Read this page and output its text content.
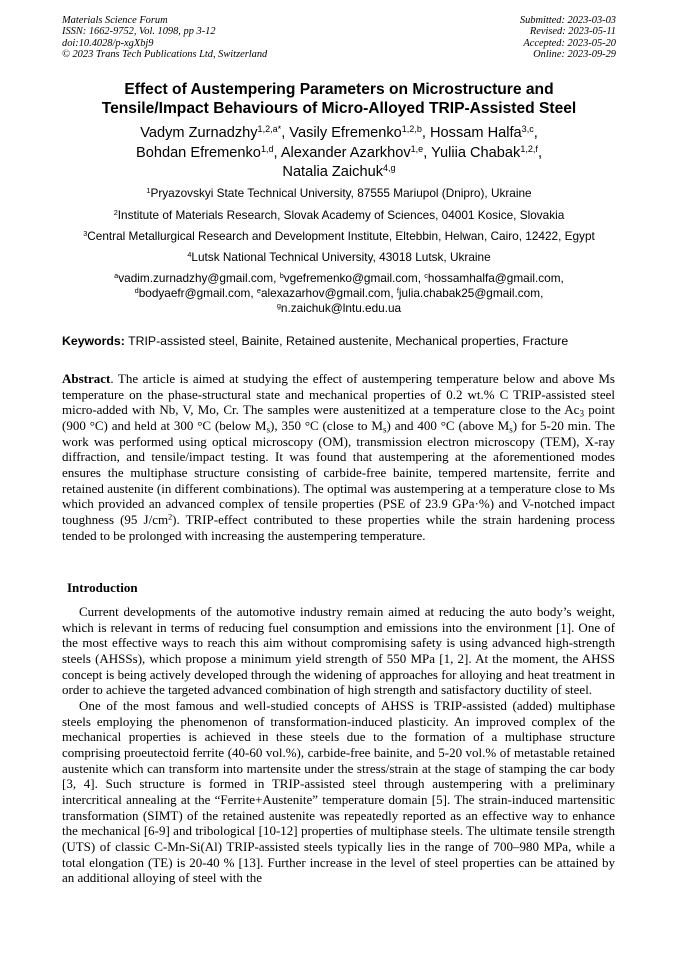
Materials Science Forum
ISSN: 1662-9752, Vol. 1098, pp 3-12
doi:10.4028/p-xgXbj9
© 2023 Trans Tech Publications Ltd, Switzerland
Submitted: 2023-03-03
Revised: 2023-05-11
Accepted: 2023-05-20
Online: 2023-09-29
Effect of Austempering Parameters on Microstructure and
Tensile/Impact Behaviours of Micro-Alloyed TRIP-Assisted Steel
Vadym Zurnadzhy$^{1,2,a*}$, Vasily Efremenko$^{1,2,b}$, Hossam Halfa$^{3,c}$,
Bohdan Efremenko$^{1,d}$, Alexander Azarkhov$^{1,e}$, Yuliia Chabak$^{1,2,f}$,
Natalia Zaichuk$^{4,g}$
$^1$Pryazovskyi State Technical University, 87555 Mariupol (Dnipro), Ukraine
$^2$Institute of Materials Research, Slovak Academy of Sciences, 04001 Kosice, Slovakia
$^3$Central Metallurgical Research and Development Institute, Eltebbin, Helwan, Cairo, 12422, Egypt
$^4$Lutsk National Technical University, 43018 Lutsk, Ukraine
$^a$vadim.zurnadzhy@gmail.com, $^b$vgefremenko@gmail.com, $^c$hossamhalfa@gmail.com,
$^d$bodyaefr@gmail.com, $^e$alexazarhov@gmail.com, $^f$julia.chabak25@gmail.com,
$^g$n.zaichuk@lntu.edu.ua
Keywords: TRIP-assisted steel, Bainite, Retained austenite, Mechanical properties, Fracture
Abstract. The article is aimed at studying the effect of austempering temperature below and above Ms temperature on the phase-structural state and mechanical properties of 0.2 wt.% C TRIP-assisted steel micro-added with Nb, V, Mo, Cr. The samples were austenitized at a temperature close to the $Ac_3$ point (900 °C) and held at 300 °C (below $M_s$), 350 °C (close to $M_s$) and 400 °C (above $M_s$) for 5-20 min. The work was performed using optical microscopy (OM), transmission electron microscopy (TEM), X-ray diffraction, and tensile/impact testing. It was found that austempering at the aforementioned modes ensures the multiphase structure consisting of carbide-free bainite, tempered martensite, ferrite and retained austenite (in different combinations). The optimal was austempering at a temperature close to Ms which provided an advanced complex of tensile properties (PSE of 23.9 GPa·%) and V-notched impact toughness (95 $J/cm^2$). TRIP-effect contributed to these properties while the strain hardening process tended to be prolonged with increasing the austempering temperature.
Introduction

Current developments of the automotive industry remain aimed at reducing the auto body’s weight, which is relevant in terms of reducing fuel consumption and emissions into the environment [1]. One of the most effective ways to reach this aim without compromising safety is using advanced high-strength steels (AHSSs), which propose a minimum yield strength of 550 MPa [1, 2]. At the moment, the AHSS concept is being actively developed through the widening of approaches for alloying and heat treatment in order to achieve the targeted advanced combination of high strength and satisfactory ductility of steel.

One of the most famous and well-studied concepts of AHSS is TRIP-assisted (added) multiphase steels employing the phenomenon of transformation-induced plasticity. An improved complex of the mechanical properties is achieved in these steels due to the formation of a multiphase structure comprising proeutectoid ferrite (40-60 vol.%), carbide-free bainite, and 5-20 vol.% of metastable retained austenite which can transform into martensite under the stress/strain at the stage of stamping the car body [3, 4]. Such structure is formed in TRIP-assisted steel through austempering with a preliminary intercritical annealing at the “Ferrite+Austenite” temperature domain [5]. The strain-induced martensitic transformation (SIMT) of the retained austenite was repeatedly reported as an effective way to enhance the mechanical [6-9] and tribological [10-12] properties of multiphase steels. The ultimate tensile strength (UTS) of classic C-Mn-Si(Al) TRIP-assisted steels typically lies in the range of 700–980 MPa, while a total elongation (TE) is 20-40 % [13]. Further increase in the level of steel properties can be attained by an additional alloying of steel with the
